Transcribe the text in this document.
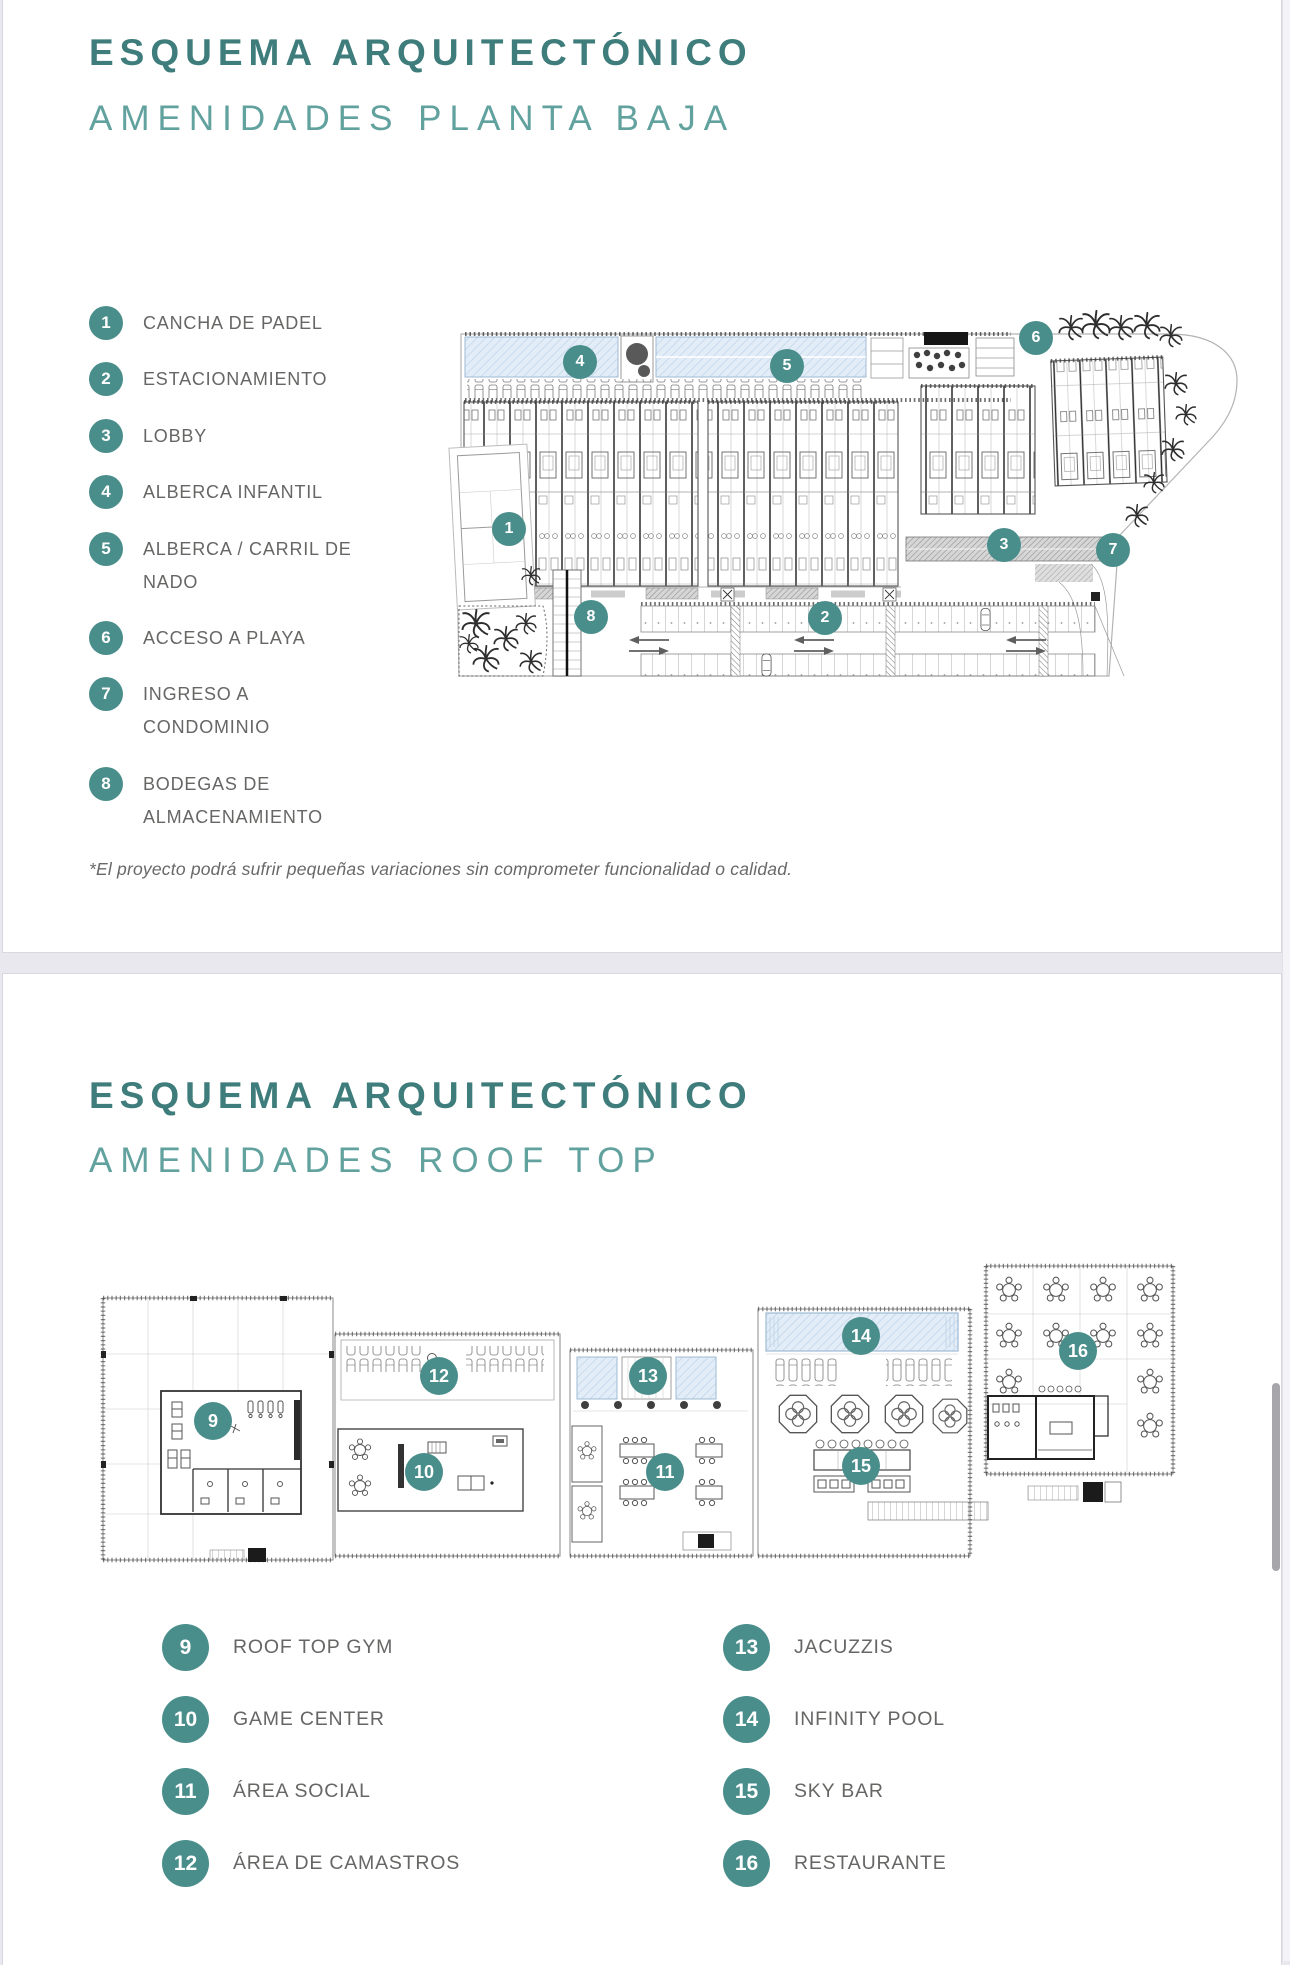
ESQUEMA ARQUITECTÓNICO
AMENIDADES PLANTA BAJA
1	CANCHA DE PADEL
2	ESTACIONAMIENTO
3	LOBBY
4	ALBERCA INFANTIL
5	ALBERCA / CARRIL DE NADO
6	ACCESO A PLAYA
7	INGRESO A CONDOMINIO
8	BODEGAS DE ALMACENAMIENTO
1
2
3
4	5
6
7
8
*El proyecto podrá sufrir pequeñas variaciones sin comprometer funcionalidad o calidad.
ESQUEMA ARQUITECTÓNICO
AMENIDADES ROOF TOP
9
10	11
12	13
14
15
16
9	ROOF TOP GYM
10	GAME CENTER
11	ÁREA SOCIAL
12	ÁREA DE CAMASTROS
13	JACUZZIS
14	INFINITY POOL
15	SKY BAR
16	RESTAURANTE
